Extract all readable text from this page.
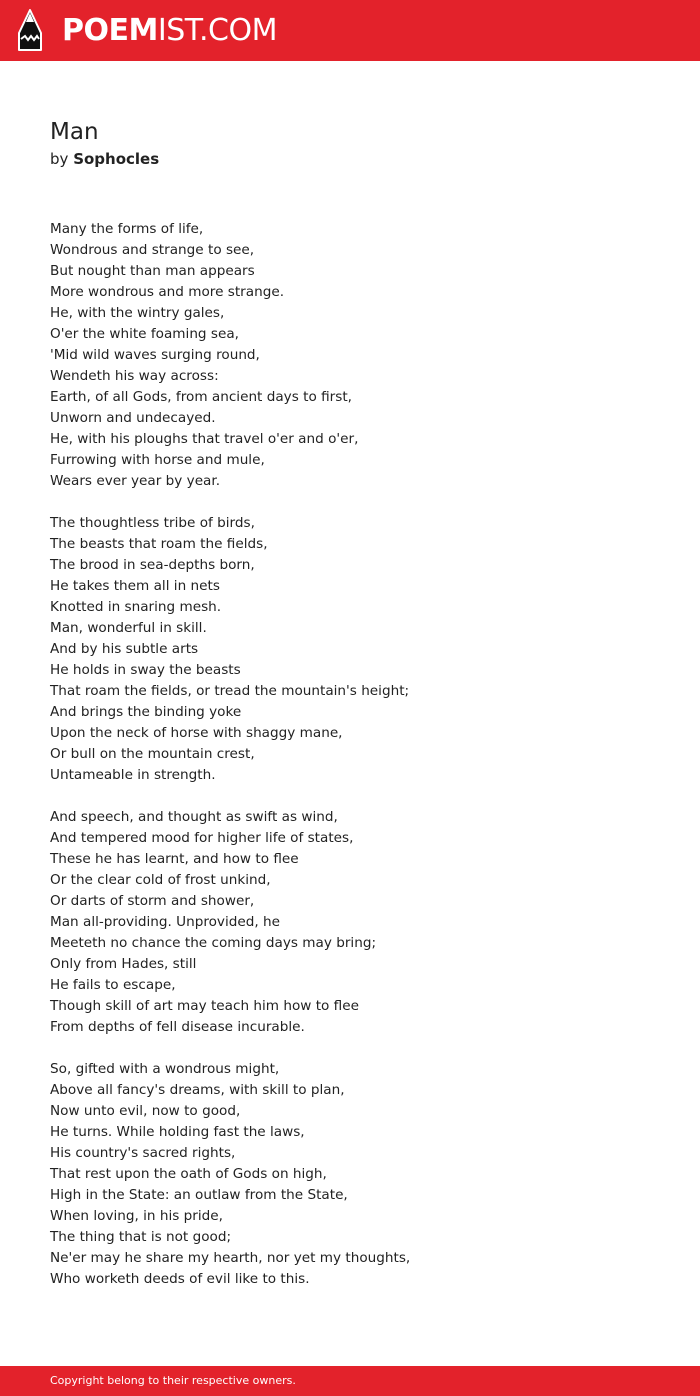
POEMIST.COM
Man
by Sophocles
Many the forms of life,
Wondrous and strange to see,
But nought than man appears
More wondrous and more strange.
He, with the wintry gales,
O'er the white foaming sea,
'Mid wild waves surging round,
Wendeth his way across:
Earth, of all Gods, from ancient days to first,
Unworn and undecayed.
He, with his ploughs that travel o'er and o'er,
Furrowing with horse and mule,
Wears ever year by year.
The thoughtless tribe of birds,
The beasts that roam the fields,
The brood in sea-depths born,
He takes them all in nets
Knotted in snaring mesh.
Man, wonderful in skill.
And by his subtle arts
He holds in sway the beasts
That roam the fields, or tread the mountain's height;
And brings the binding yoke
Upon the neck of horse with shaggy mane,
Or bull on the mountain crest,
Untameable in strength.
And speech, and thought as swift as wind,
And tempered mood for higher life of states,
These he has learnt, and how to flee
Or the clear cold of frost unkind,
Or darts of storm and shower,
Man all-providing. Unprovided, he
Meeteth no chance the coming days may bring;
Only from Hades, still
He fails to escape,
Though skill of art may teach him how to flee
From depths of fell disease incurable.
So, gifted with a wondrous might,
Above all fancy's dreams, with skill to plan,
Now unto evil, now to good,
He turns. While holding fast the laws,
His country's sacred rights,
That rest upon the oath of Gods on high,
High in the State: an outlaw from the State,
When loving, in his pride,
The thing that is not good;
Ne'er may he share my hearth, nor yet my thoughts,
Who worketh deeds of evil like to this.
Copyright belong to their respective owners.
